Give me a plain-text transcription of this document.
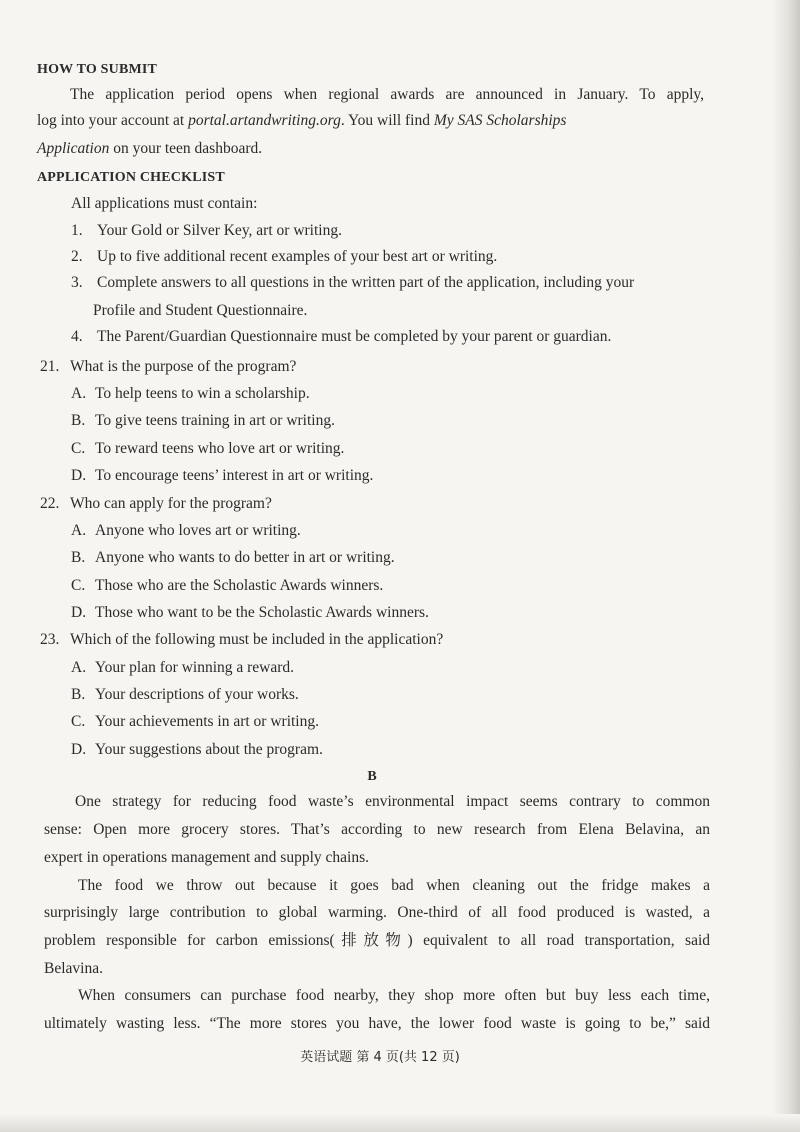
HOW TO SUBMIT
The application period opens when regional awards are announced in January. To apply,
log into your account at portal.artandwriting.org. You will find My SAS Scholarships
Application on your teen dashboard.
APPLICATION CHECKLIST
All applications must contain:
1. Your Gold or Silver Key, art or writing.
2. Up to five additional recent examples of your best art or writing.
3. Complete answers to all questions in the written part of the application, including your
Profile and Student Questionnaire.
4. The Parent/Guardian Questionnaire must be completed by your parent or guardian.
21. What is the purpose of the program?
A. To help teens to win a scholarship.
B. To give teens training in art or writing.
C. To reward teens who love art or writing.
D. To encourage teens’ interest in art or writing.
22. Who can apply for the program?
A. Anyone who loves art or writing.
B. Anyone who wants to do better in art or writing.
C. Those who are the Scholastic Awards winners.
D. Those who want to be the Scholastic Awards winners.
23. Which of the following must be included in the application?
A. Your plan for winning a reward.
B. Your descriptions of your works.
C. Your achievements in art or writing.
D. Your suggestions about the program.
B
One strategy for reducing food waste’s environmental impact seems contrary to common
sense: Open more grocery stores. That’s according to new research from Elena Belavina, an
expert in operations management and supply chains.
The food we throw out because it goes bad when cleaning out the fridge makes a
surprisingly large contribution to global warming. One-third of all food produced is wasted, a
problem responsible for carbon emissions(排放物) equivalent to all road transportation, said
Belavina.
When consumers can purchase food nearby, they shop more often but buy less each time,
ultimately wasting less. “The more stores you have, the lower food waste is going to be,” said
英语试题 第 4 页(共 12 页)
